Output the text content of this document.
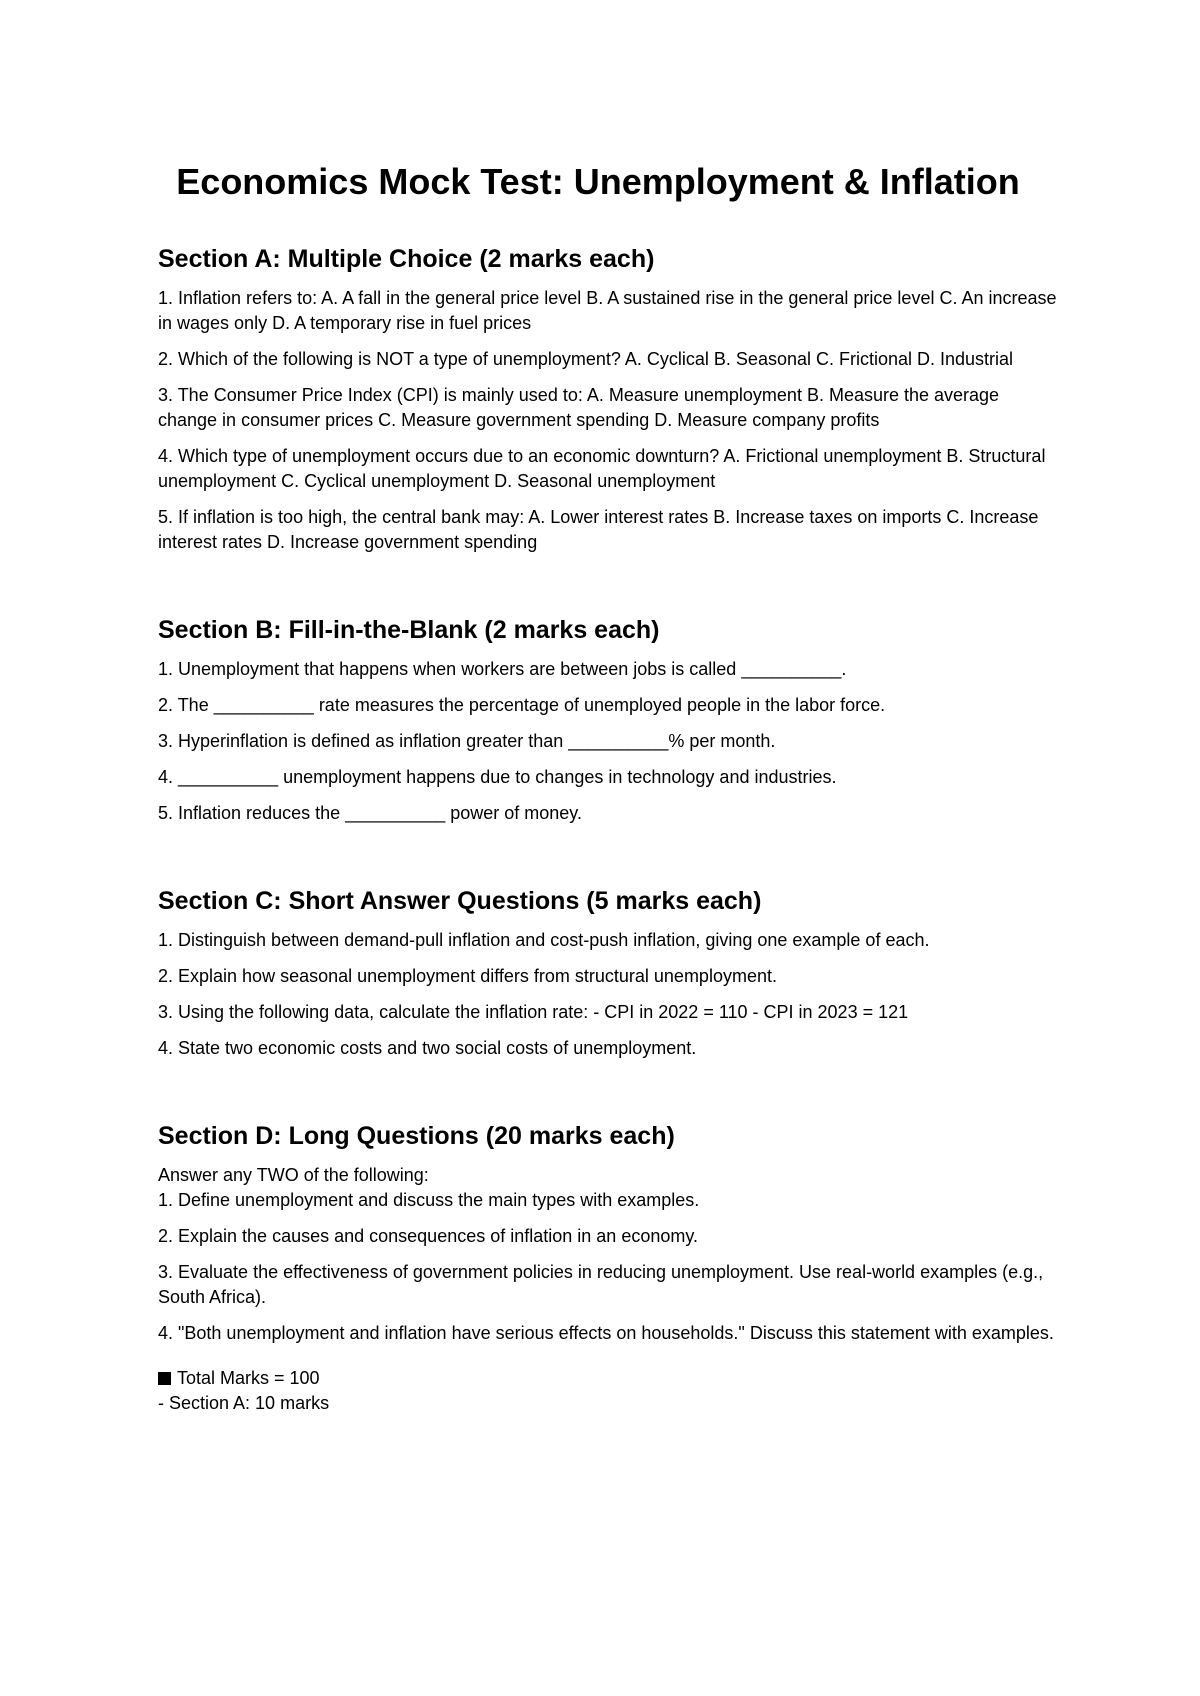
Economics Mock Test: Unemployment & Inflation
Section A: Multiple Choice (2 marks each)

1. Inflation refers to: A. A fall in the general price level B. A sustained rise in the general price level C. An increase in wages only D. A temporary rise in fuel prices

2. Which of the following is NOT a type of unemployment? A. Cyclical B. Seasonal C. Frictional D. Industrial

3. The Consumer Price Index (CPI) is mainly used to: A. Measure unemployment B. Measure the average change in consumer prices C. Measure government spending D. Measure company profits

4. Which type of unemployment occurs due to an economic downturn? A. Frictional unemployment B. Structural unemployment C. Cyclical unemployment D. Seasonal unemployment

5. If inflation is too high, the central bank may: A. Lower interest rates B. Increase taxes on imports C. Increase interest rates D. Increase government spending

Section B: Fill-in-the-Blank (2 marks each)

1. Unemployment that happens when workers are between jobs is called __________.

2. The __________ rate measures the percentage of unemployed people in the labor force.

3. Hyperinflation is defined as inflation greater than __________% per month.

4. __________ unemployment happens due to changes in technology and industries.

5. Inflation reduces the __________ power of money.

Section C: Short Answer Questions (5 marks each)

1. Distinguish between demand-pull inflation and cost-push inflation, giving one example of each.

2. Explain how seasonal unemployment differs from structural unemployment.

3. Using the following data, calculate the inflation rate: - CPI in 2022 = 110 - CPI in 2023 = 121

4. State two economic costs and two social costs of unemployment.

Section D: Long Questions (20 marks each)

Answer any TWO of the following:

1. Define unemployment and discuss the main types with examples.

2. Explain the causes and consequences of inflation in an economy.

3. Evaluate the effectiveness of government policies in reducing unemployment. Use real-world examples (e.g., South Africa).

4. "Both unemployment and inflation have serious effects on households." Discuss this statement with examples.

Total Marks = 100
- Section A: 10 marks
